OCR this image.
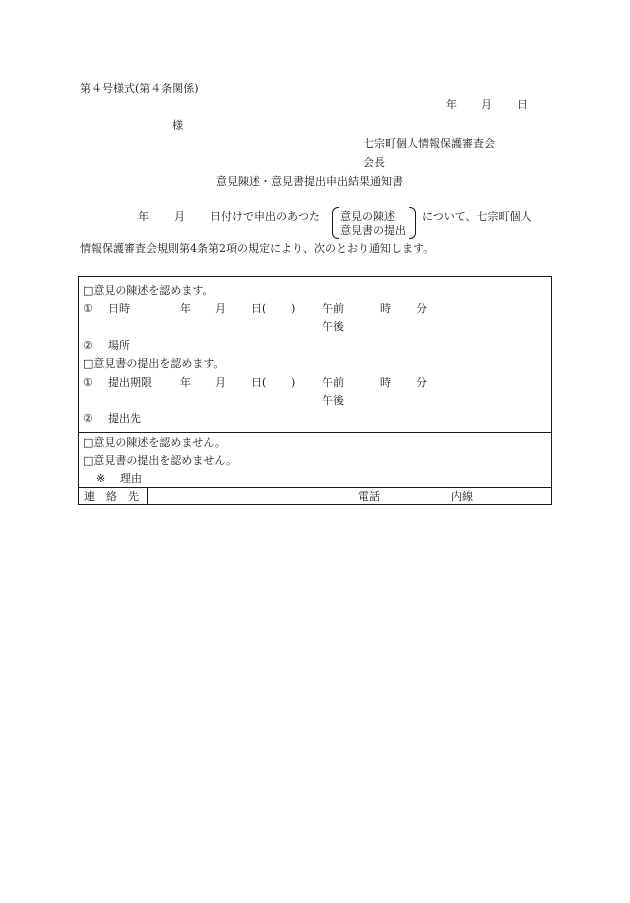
第４号様式(第４条関係)
年 月 日
様
七宗町個人情報保護審査会
会長
意見陳述・意見書提出申出結果通知書
年 月 日付けで申出のあつた 意見の陳述
意見書の提出
について、七宗町個人
情報保護審査会規則第4条第2項の規定により、次のとおり通知します。
□意見の陳述を認めます。
① 日時	年 月 日( ) 午前	時 分
午後
② 場所
□意見書の提出を認めます。
① 提出期限	年 月 日( ) 午前	時 分
午後
② 提出先
□意見の陳述を認めません。
□意見書の提出を認めません。
※ 理由
連　絡　先	電話	内線
